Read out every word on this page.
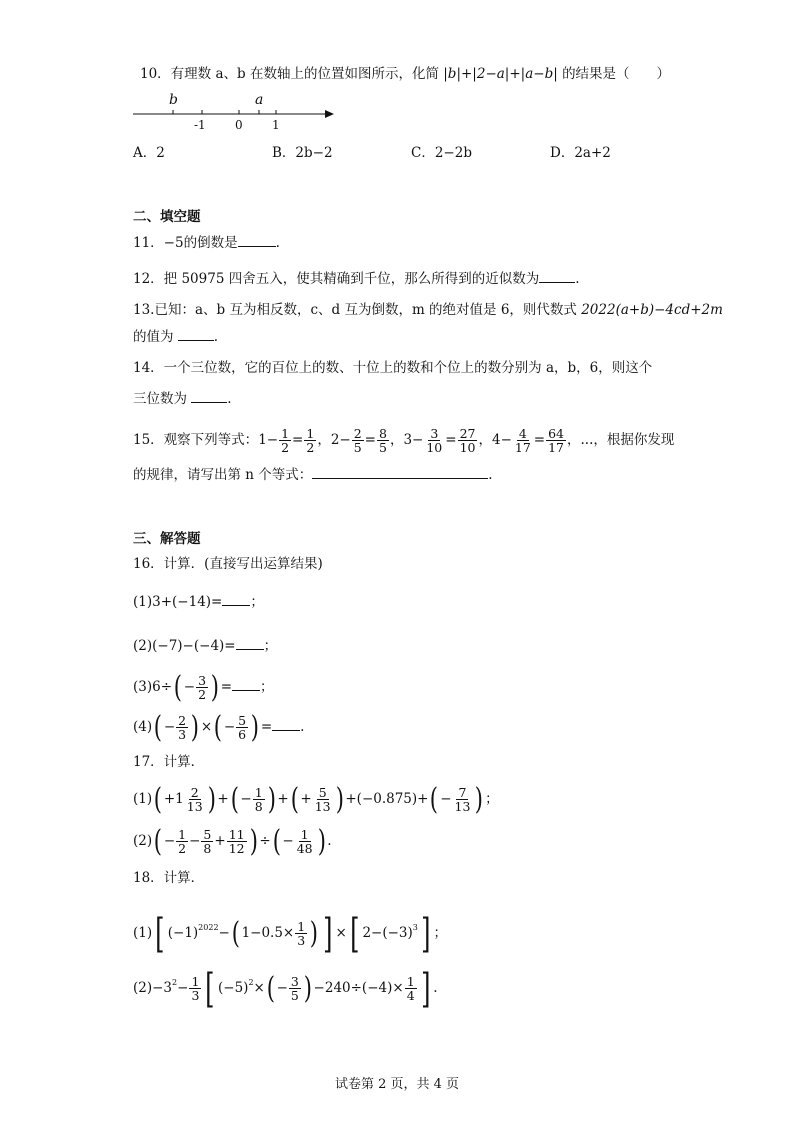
10．有理数 a、b 在数轴上的位置如图所示，化简 |b|+|2−a|+|a−b| 的结果是（　　）
b	a
-1 0 1
A．2	B．2b−2	C．2−2b	D．2a+2
二、填空题
11．−5的倒数是	.
12．把 50975 四舍五入，使其精确到千位，那么所得到的近似数为	.
13.已知：a、b 互为相反数，c、d 互为倒数，m 的绝对值是 6，则代数式 2022(a+b)−4cd+2m
的值为	.
14．一个三位数，它的百位上的数、十位上的数和个位上的数分别为 a，b，6，则这个
三位数为	.
15．观察下列等式：$1- \frac{1}{2} = \frac{1}{2}$ ，$2- \frac{2}{5} = \frac{8}{5}$ ，$3- \frac{3}{10} = \frac{27}{10}$ ，$4- \frac{4}{17} = \frac{64}{17}$ ，...，根据你发现
的规律，请写出第 n 个等式：	.
三、解答题
16．计算．(直接写出运算结果)
(1)3+(−14)= ；
(2)(−7)−(−4)= ；
$(3)6\div( - \frac{3}{2}$ ) = ；
$(4)( - \frac{2}{3}$ ) ×( − $\frac{5}{6}$ ) = .
17．计算．
$(1)( +1 \frac{2}{13}$ ) +( − $\frac{1}{8}$ ) +( + $\frac{5}{13}$ ) $+(-0.875)+( - \frac{7}{13}$ ) ；
$(2)( - \frac{1}{2} - \frac{5}{8} + \frac{11}{12}$ ) ÷( − $\frac{1}{48}$ ) .
18．计算．
(1)[ $(-1)^{2022}-$( $1-0.5\times \frac{1}{3}$ ) ] ×[ $2-(-3)^3$] ；
$(2)-3^2- \frac{1}{3}$ [ $(-5)^2\times( - \frac{3}{5}$ ) $-240\div(-4)\times \frac{1}{4}$ ] .
试卷第 2 页，共 4 页
